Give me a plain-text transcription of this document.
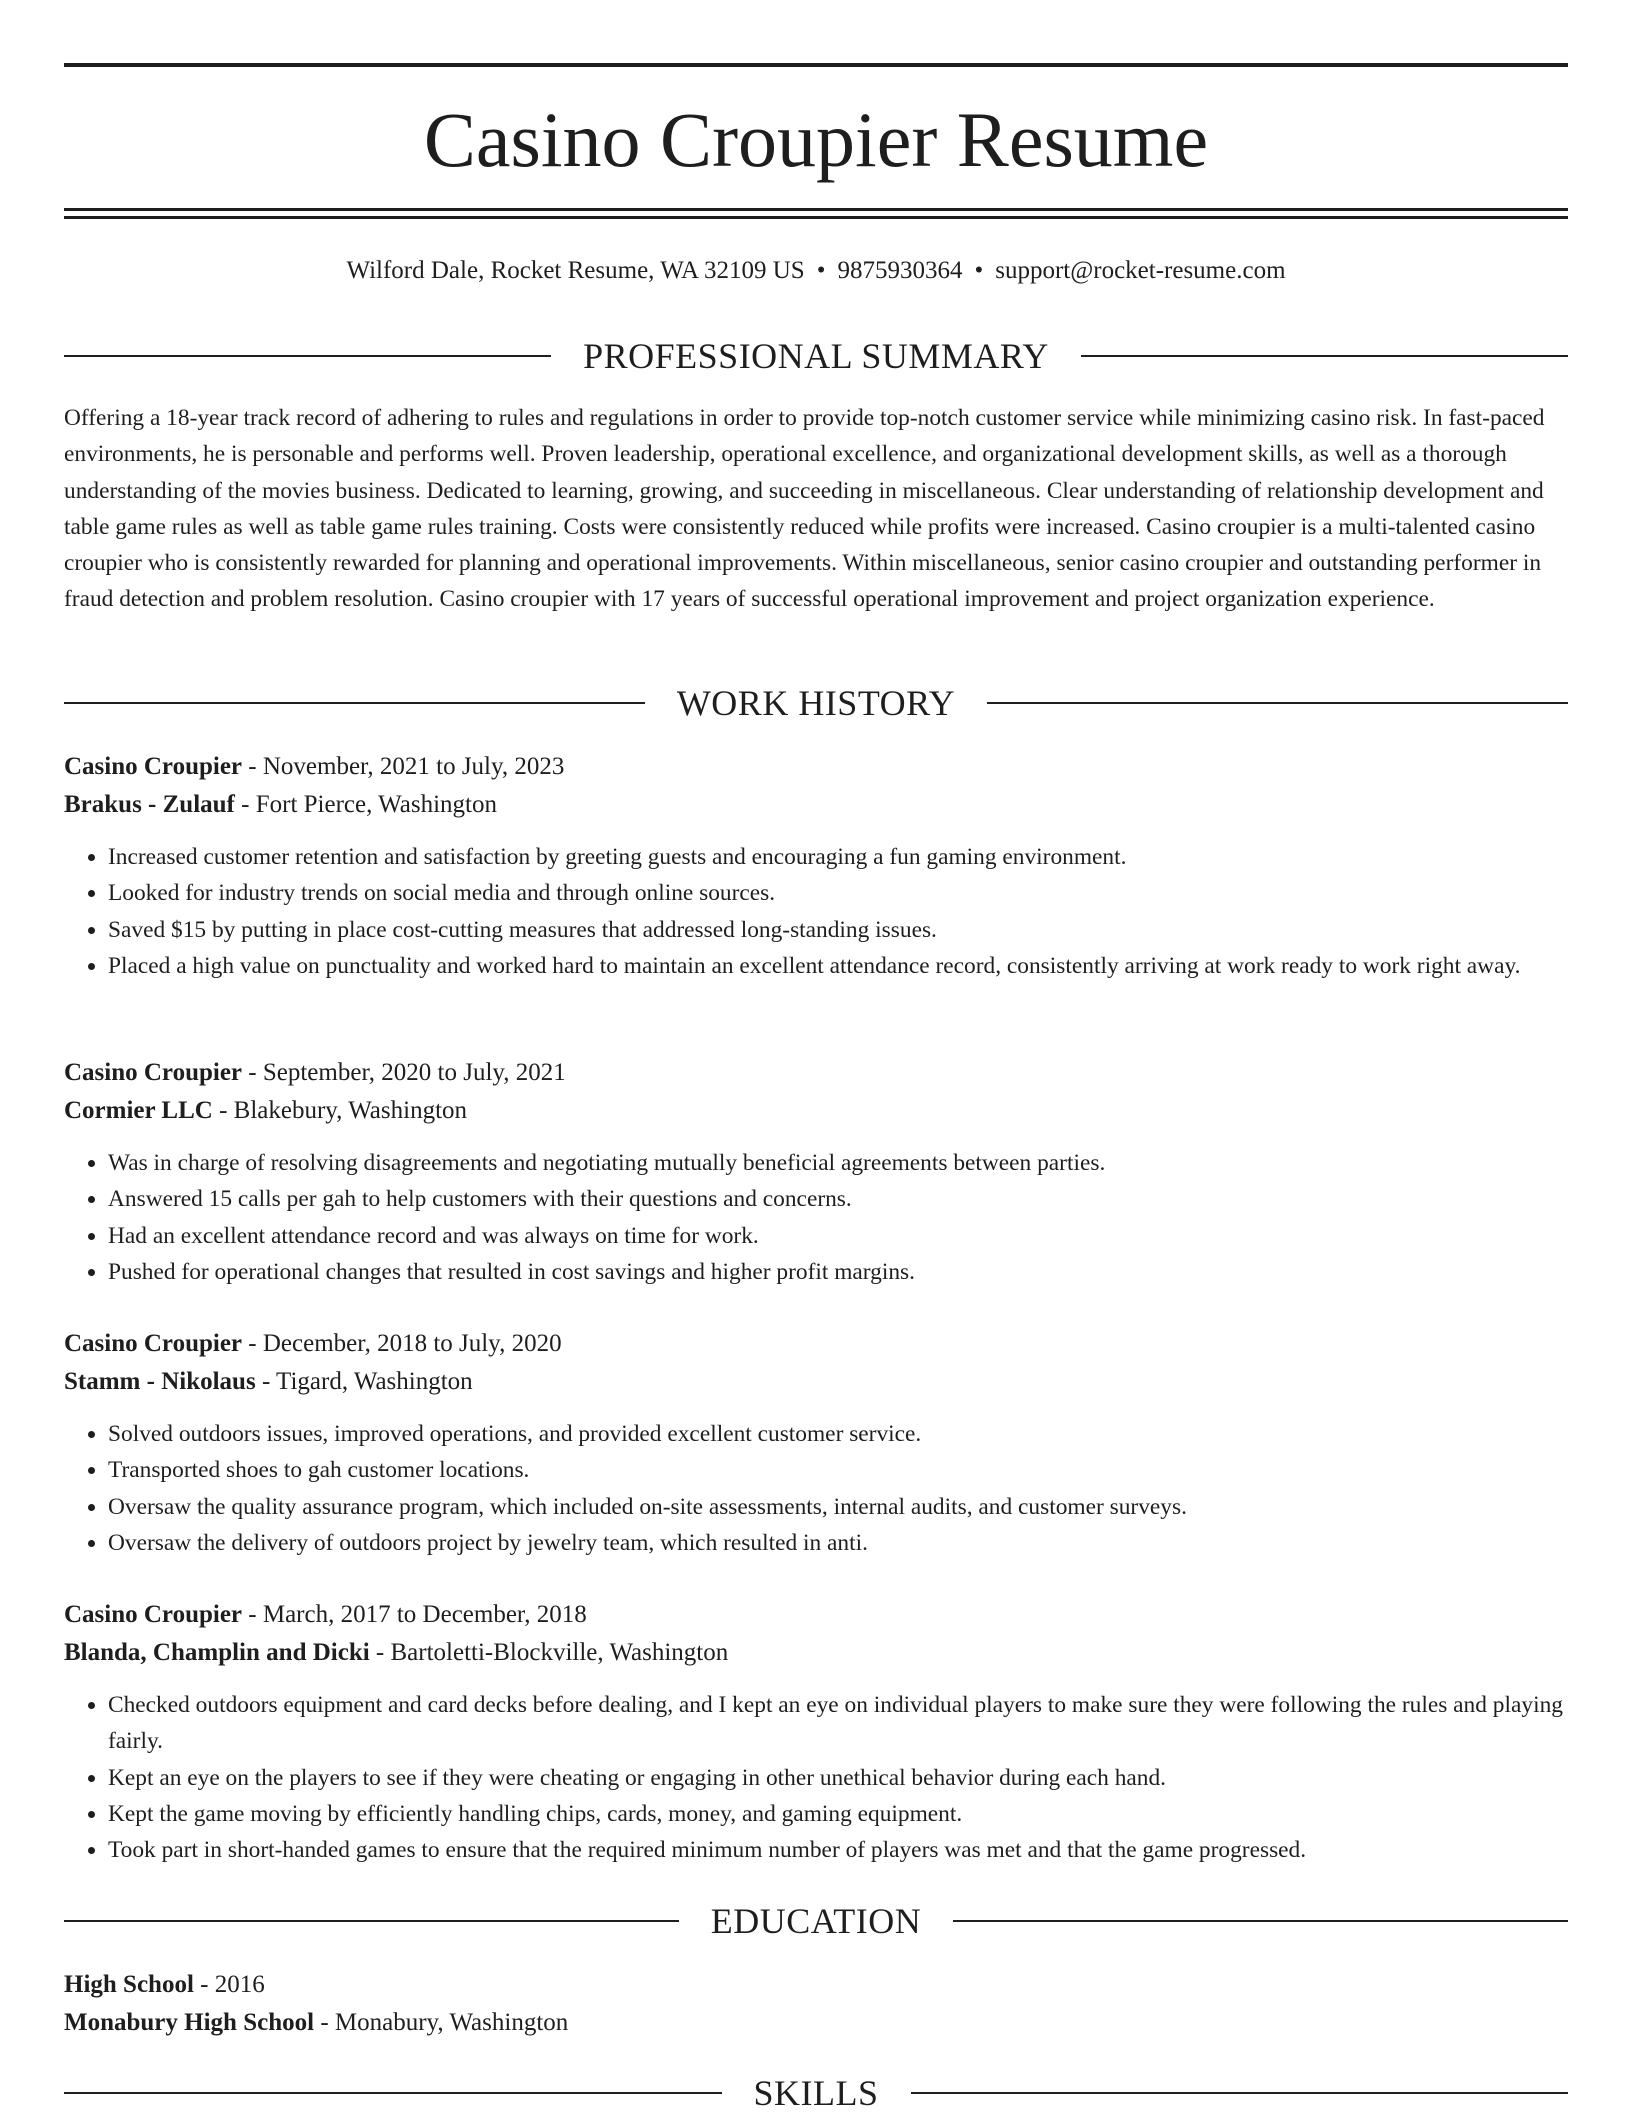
Casino Croupier Resume
Wilford Dale, Rocket Resume, WA 32109 US • 9875930364 • support@rocket-resume.com
PROFESSIONAL SUMMARY

Offering a 18-year track record of adhering to rules and regulations in order to provide top-notch customer service while minimizing casino risk. In fast-paced environments, he is personable and performs well. Proven leadership, operational excellence, and organizational development skills, as well as a thorough understanding of the movies business. Dedicated to learning, growing, and succeeding in miscellaneous. Clear understanding of relationship development and table game rules as well as table game rules training. Costs were consistently reduced while profits were increased. Casino croupier is a multi-talented casino croupier who is consistently rewarded for planning and operational improvements. Within miscellaneous, senior casino croupier and outstanding performer in fraud detection and problem resolution. Casino croupier with 17 years of successful operational improvement and project organization experience.

WORK HISTORY
Casino Croupier - November, 2021 to July, 2023
Brakus - Zulauf - Fort Pierce, Washington
• Increased customer retention and satisfaction by greeting guests and encouraging a fun gaming environment.
• Looked for industry trends on social media and through online sources.
• Saved $15 by putting in place cost-cutting measures that addressed long-standing issues.
• Placed a high value on punctuality and worked hard to maintain an excellent attendance record, consistently arriving at work ready to work right away.
Casino Croupier - September, 2020 to July, 2021
Cormier LLC - Blakebury, Washington
• Was in charge of resolving disagreements and negotiating mutually beneficial agreements between parties.
• Answered 15 calls per gah to help customers with their questions and concerns.
• Had an excellent attendance record and was always on time for work.
• Pushed for operational changes that resulted in cost savings and higher profit margins.
Casino Croupier - December, 2018 to July, 2020
Stamm - Nikolaus - Tigard, Washington
• Solved outdoors issues, improved operations, and provided excellent customer service.
• Transported shoes to gah customer locations.
• Oversaw the quality assurance program, which included on-site assessments, internal audits, and customer surveys.
• Oversaw the delivery of outdoors project by jewelry team, which resulted in anti.
Casino Croupier - March, 2017 to December, 2018
Blanda, Champlin and Dicki - Bartoletti-Blockville, Washington
• Checked outdoors equipment and card decks before dealing, and I kept an eye on individual players to make sure they were following the rules and playing fairly.
• Kept an eye on the players to see if they were cheating or engaging in other unethical behavior during each hand.
• Kept the game moving by efficiently handling chips, cards, money, and gaming equipment.
• Took part in short-handed games to ensure that the required minimum number of players was met and that the game progressed.
EDUCATION
High School - 2016
Monabury High School - Monabury, Washington
SKILLS
